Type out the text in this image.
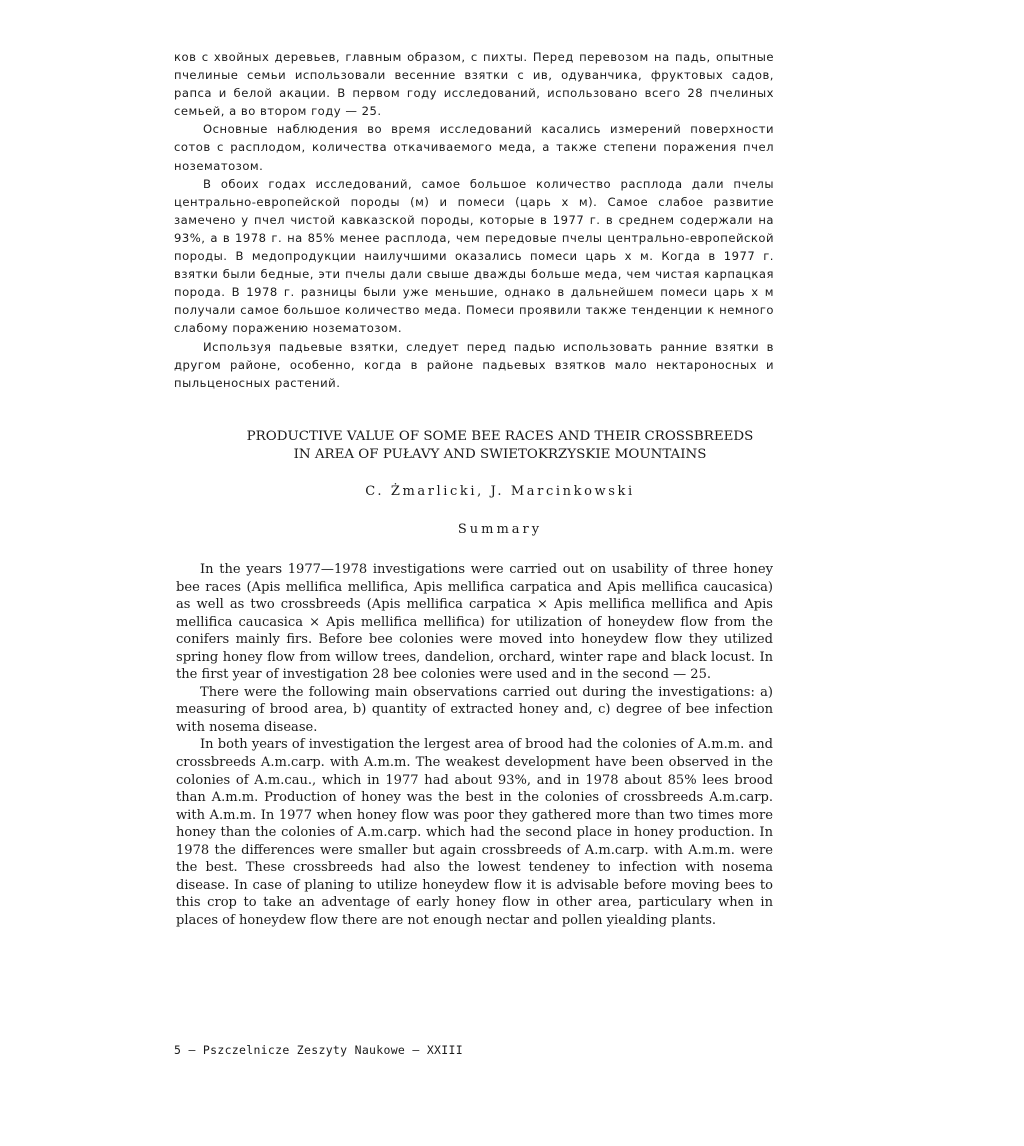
ков с хвойных деревьев, главным образом, с пихты. Перед перевозом на падь, опытные пчелиные семьи использовали весенние взятки с ив, одуванчика, фруктовых садов, рапса и белой акации. В первом году исследований, использовано всего 28 пчелиных семьей, а во втором году — 25.

Основные наблюдения во время исследований касались измерений поверхности сотов с расплодом, количества откачиваемого меда, а также степени поражения пчел нозематозом.

В обоих годах исследований, самое большое количество расплода дали пчелы центрально-европейской породы (м) и помеси (царь х м). Самое слабое развитие замечено у пчел чистой кавказской породы, которые в 1977 г. в среднем содержали на 93%, а в 1978 г. на 85% менее расплода, чем передовые пчелы центрально-европейской породы. В медопродукции наилучшими оказались помеси царь х м. Когда в 1977 г. взятки были бедные, эти пчелы дали свыше дважды больше меда, чем чистая карпацкая порода. В 1978 г. разницы были уже меньшие, однако в дальнейшем помеси царь х м получали самое большое количество меда. Помеси проявили также тенденции к немного слабому поражению нозематозом.

Используя падьевые взятки, следует перед падью использовать ранние взятки в другом районе, особенно, когда в районе падьевых взятков мало нектароносных и пыльценосных растений.

PRODUCTIVE VALUE OF SOME BEE RACES AND THEIR CROSSBREEDS
IN AREA OF PUŁAVY AND SWIETOKRZYSKIE MOUNTAINS
C. Żmarlicki, J. Marcinkowski
Summary

In the years 1977—1978 investigations were carried out on usability of three honey bee races (Apis mellifica mellifica, Apis mellifica carpatica and Apis mellifica caucasica) as well as two crossbreeds (Apis mellifica carpatica × Apis mellifica mellifica and Apis mellifica caucasica × Apis mellifica mellifica) for utilization of honeydew flow from the conifers mainly firs. Before bee colonies were moved into honeydew flow they utilized spring honey flow from willow trees, dandelion, orchard, winter rape and black locust. In the first year of investigation 28 bee colonies were used and in the second — 25.

There were the following main observations carried out during the investigations: a) measuring of brood area, b) quantity of extracted honey and, c) degree of bee infection with nosema disease.

In both years of investigation the lergest area of brood had the colonies of A.m.m. and crossbreeds A.m.carp. with A.m.m. The weakest development have been observed in the colonies of A.m.cau., which in 1977 had about 93%, and in 1978 about 85% lees brood than A.m.m. Production of honey was the best in the colonies of crossbreeds A.m.carp. with A.m.m. In 1977 when honey flow was poor they gathered more than two times more honey than the colonies of A.m.carp. which had the second place in honey production. In 1978 the differences were smaller but again crossbreeds of A.m.carp. with A.m.m. were the best. These crossbreeds had also the lowest tendeney to infection with nosema disease. In case of planing to utilize honeydew flow it is advisable before moving bees to this crop to take an adventage of early honey flow in other area, particulary when in places of honeydew flow there are not enough nectar and pollen yiealding plants.

5 — Pszczelnicze Zeszyty Naukowe — XXIII
